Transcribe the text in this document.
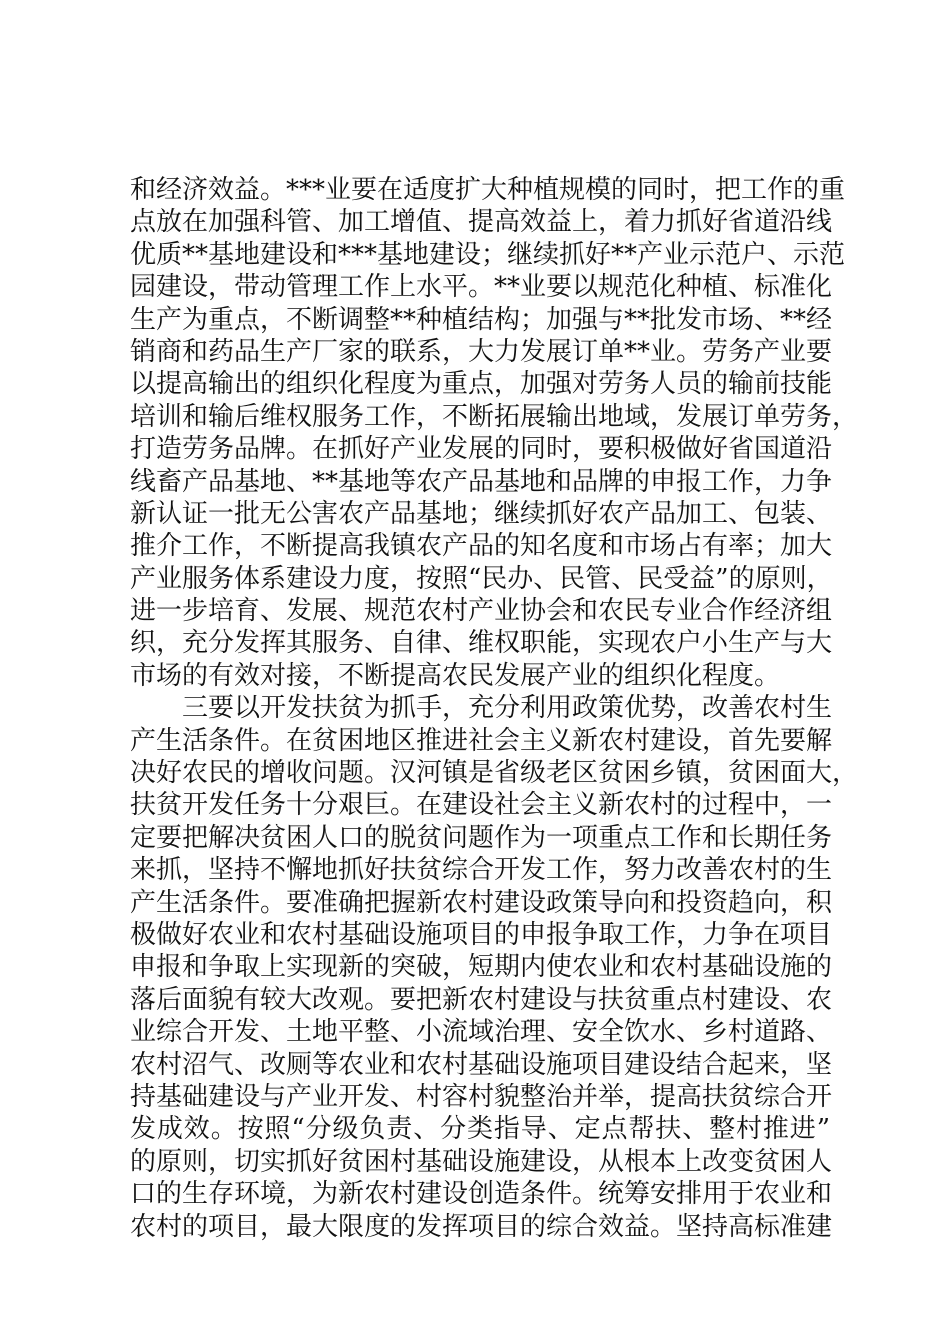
和经济效益。***业要在适度扩大种植规模的同时，把工作的重
点放在加强科管、加工增值、提高效益上，着力抓好省道沿线
优质**基地建设和***基地建设；继续抓好**产业示范户、示范
园建设，带动管理工作上水平。**业要以规范化种植、标准化
生产为重点，不断调整**种植结构；加强与**批发市场、**经
销商和药品生产厂家的联系，大力发展订单**业。劳务产业要
以提高输出的组织化程度为重点，加强对劳务人员的输前技能
培训和输后维权服务工作，不断拓展输出地域，发展订单劳务，
打造劳务品牌。在抓好产业发展的同时，要积极做好省国道沿
线畜产品基地、**基地等农产品基地和品牌的申报工作，力争
新认证一批无公害农产品基地；继续抓好农产品加工、包装、
推介工作，不断提高我镇农产品的知名度和市场占有率；加大
产业服务体系建设力度，按照“民办、民管、民受益”的原则，
进一步培育、发展、规范农村产业协会和农民专业合作经济组
织，充分发挥其服务、自律、维权职能，实现农户小生产与大
市场的有效对接，不断提高农民发展产业的组织化程度。
　　三要以开发扶贫为抓手，充分利用政策优势，改善农村生
产生活条件。在贫困地区推进社会主义新农村建设，首先要解
决好农民的增收问题。汉河镇是省级老区贫困乡镇，贫困面大，
扶贫开发任务十分艰巨。在建设社会主义新农村的过程中，一
定要把解决贫困人口的脱贫问题作为一项重点工作和长期任务
来抓，坚持不懈地抓好扶贫综合开发工作，努力改善农村的生
产生活条件。要准确把握新农村建设政策导向和投资趋向，积
极做好农业和农村基础设施项目的申报争取工作，力争在项目
申报和争取上实现新的突破，短期内使农业和农村基础设施的
落后面貌有较大改观。要把新农村建设与扶贫重点村建设、农
业综合开发、土地平整、小流域治理、安全饮水、乡村道路、
农村沼气、改厕等农业和农村基础设施项目建设结合起来，坚
持基础建设与产业开发、村容村貌整治并举，提高扶贫综合开
发成效。按照“分级负责、分类指导、定点帮扶、整村推进”
的原则，切实抓好贫困村基础设施建设，从根本上改变贫困人
口的生存环境，为新农村建设创造条件。统筹安排用于农业和
农村的项目，最大限度的发挥项目的综合效益。坚持高标准建
